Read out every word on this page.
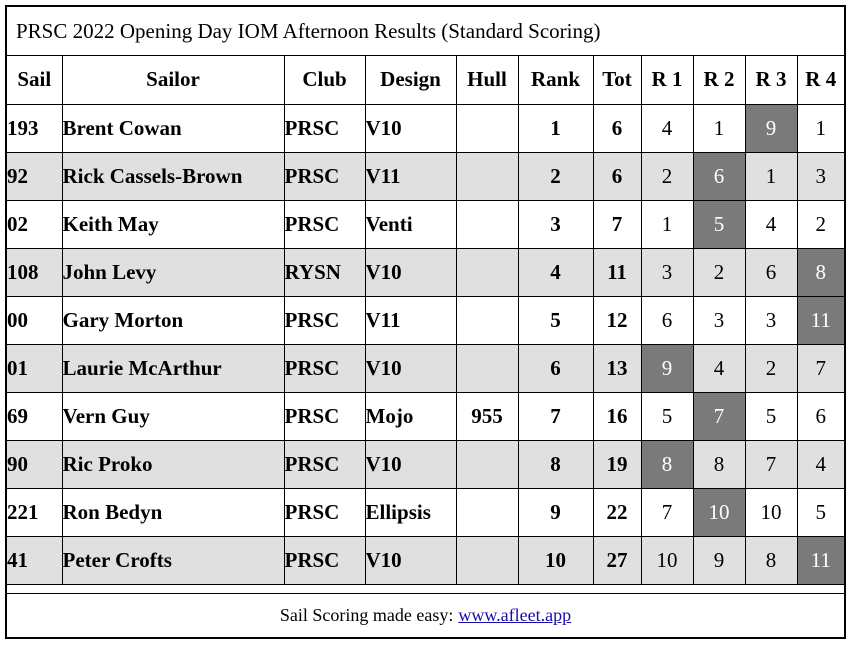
PRSC 2022 Opening Day IOM Afternoon Results (Standard Scoring)
Sail	Sailor	Club	Design	Hull	Rank	Tot	R 1	R 2	R 3	R 4
193	Brent Cowan	PRSC	V10		1	6	4	1	9	1
92	Rick Cassels-Brown	PRSC	V11		2	6	2	6	1	3
02	Keith May	PRSC	Venti		3	7	1	5	4	2
108	John Levy	RYSN	V10		4	11	3	2	6	8
00	Gary Morton	PRSC	V11		5	12	6	3	3	11
01	Laurie McArthur	PRSC	V10		6	13	9	4	2	7
69	Vern Guy	PRSC	Mojo	955	7	16	5	7	5	6
90	Ric Proko	PRSC	V10		8	19	8	8	7	4
221	Ron Bedyn	PRSC	Ellipsis		9	22	7	10	10	5
41	Peter Crofts	PRSC	V10		10	27	10	9	8	11
Sail Scoring made easy: www.afleet.app
